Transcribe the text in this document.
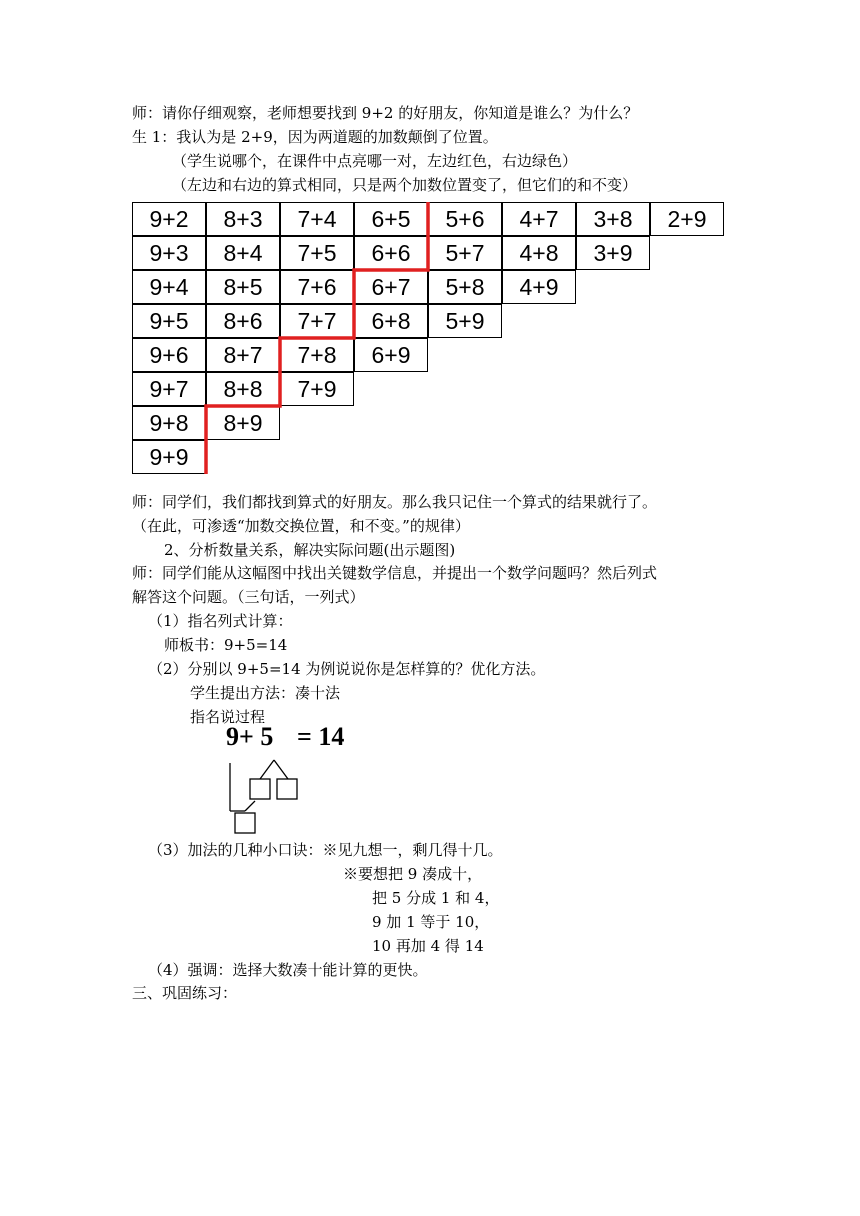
师：请你仔细观察，老师想要找到 9+2 的好朋友，你知道是谁么？为什么？
生 1：我认为是 2+9，因为两道题的加数颠倒了位置。
（学生说哪个，在课件中点亮哪一对，左边红色，右边绿色）
（左边和右边的算式相同，只是两个加数位置变了，但它们的和不变）
9+9
8+9
9+8
7+9
8+8
9+7
6+9
7+8
8+7
9+6
5+9
6+8
7+7
8+6
9+5
4+9
5+8
6+7
7+6
8+5
9+4
3+9
4+8
5+7
6+6
7+5
8+4
9+3
2+9
3+8
4+7
5+6
6+5
7+4
8+3
9+2
师：同学们，我们都找到算式的好朋友。那么我只记住一个算式的结果就行了。
（在此，可渗透“加数交换位置，和不变。”的规律）
2、分析数量关系，解决实际问题(出示题图)
师：同学们能从这幅图中找出关键数学信息，并提出一个数学问题吗？然后列式
解答这个问题。（三句话，一列式）
（1）指名列式计算：
师板书：9+5=14
（2）分别以 9+5=14 为例说说你是怎样算的？优化方法。
学生提出方法：凑十法
指名说过程
9+ 5 = 14
（3）加法的几种小口诀：※见九想一，剩几得十几。
※要想把 9 凑成十，
把 5 分成 1 和 4，
9 加 1 等于 10，
10 再加 4 得 14
（4）强调：选择大数凑十能计算的更快。
三、巩固练习：
